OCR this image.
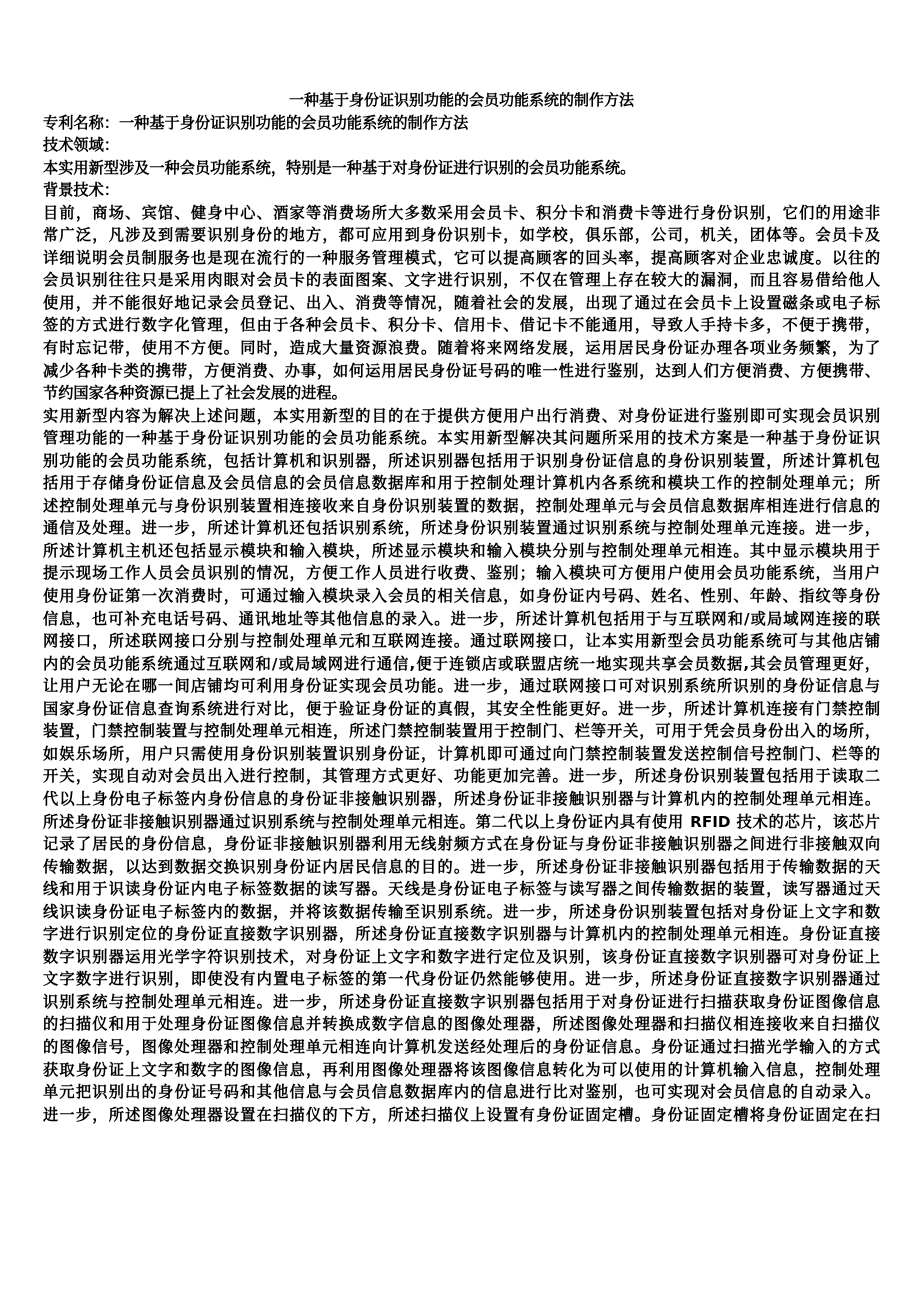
一种基于身份证识别功能的会员功能系统的制作方法
专利名称：一种基于身份证识别功能的会员功能系统的制作方法
技术领域：
本实用新型涉及一种会员功能系统，特别是一种基于对身份证进行识别的会员功能系统。
背景技术：
目前，商场、宾馆、健身中心、酒家等消费场所大多数采用会员卡、积分卡和消费卡等进行身份识别，它们的用途非
常广泛，凡涉及到需要识别身份的地方，都可应用到身份识别卡，如学校，俱乐部，公司，机关，团体等。会员卡及
详细说明会员制服务也是现在流行的一种服务管理模式，它可以提高顾客的回头率，提高顾客对企业忠诚度。以往的
会员识别往往只是采用肉眼对会员卡的表面图案、文字进行识别，不仅在管理上存在较大的漏洞，而且容易借给他人
使用，并不能很好地记录会员登记、出入、消费等情况，随着社会的发展，出现了通过在会员卡上设置磁条或电子标
签的方式进行数字化管理，但由于各种会员卡、积分卡、信用卡、借记卡不能通用，导致人手持卡多，不便于携带，
有时忘记带，使用不方便。同时，造成大量资源浪费。随着将来网络发展，运用居民身份证办理各项业务频繁，为了
减少各种卡类的携带，方便消费、办事，如何运用居民身份证号码的唯一性进行鉴别，达到人们方便消费、方便携带、
节约国家各种资源已提上了社会发展的进程。
实用新型内容为解决上述问题，本实用新型的目的在于提供方便用户出行消费、对身份证进行鉴别即可实现会员识别
管理功能的一种基于身份证识别功能的会员功能系统。本实用新型解决其问题所采用的技术方案是一种基于身份证识
别功能的会员功能系统，包括计算机和识别器，所述识别器包括用于识别身份证信息的身份识别装置，所述计算机包
括用于存储身份证信息及会员信息的会员信息数据库和用于控制处理计算机内各系统和模块工作的控制处理单元；所
述控制处理单元与身份识别装置相连接收来自身份识别装置的数据，控制处理单元与会员信息数据库相连进行信息的
通信及处理。进一步，所述计算机还包括识别系统，所述身份识别装置通过识别系统与控制处理单元连接。进一步，
所述计算机主机还包括显示模块和输入模块，所述显示模块和输入模块分别与控制处理单元相连。其中显示模块用于
提示现场工作人员会员识别的情况，方便工作人员进行收费、鉴别；输入模块可方便用户使用会员功能系统，当用户
使用身份证第一次消费时，可通过输入模块录入会员的相关信息，如身份证内号码、姓名、性别、年龄、指纹等身份
信息，也可补充电话号码、通讯地址等其他信息的录入。进一步，所述计算机包括用于与互联网和/或局域网连接的联
网接口，所述联网接口分别与控制处理单元和互联网连接。通过联网接口，让本实用新型会员功能系统可与其他店铺
内的会员功能系统通过互联网和/或局域网进行通信,便于连锁店或联盟店统一地实现共享会员数据,其会员管理更好，
让用户无论在哪一间店铺均可利用身份证实现会员功能。进一步，通过联网接口可对识别系统所识别的身份证信息与
国家身份证信息查询系统进行对比，便于验证身份证的真假，其安全性能更好。进一步，所述计算机连接有门禁控制
装置，门禁控制装置与控制处理单元相连，所述门禁控制装置用于控制门、栏等开关，可用于凭会员身份出入的场所，
如娱乐场所，用户只需使用身份识别装置识别身份证，计算机即可通过向门禁控制装置发送控制信号控制门、栏等的
开关，实现自动对会员出入进行控制，其管理方式更好、功能更加完善。进一步，所述身份识别装置包括用于读取二
代以上身份电子标签内身份信息的身份证非接触识别器，所述身份证非接触识别器与计算机内的控制处理单元相连。
所述身份证非接触识别器通过识别系统与控制处理单元相连。第二代以上身份证内具有使用 RFID 技术的芯片，该芯片
记录了居民的身份信息，身份证非接触识别器利用无线射频方式在身份证与身份证非接触识别器之间进行非接触双向
传输数据，以达到数据交换识别身份证内居民信息的目的。进一步，所述身份证非接触识别器包括用于传输数据的天
线和用于识读身份证内电子标签数据的读写器。天线是身份证电子标签与读写器之间传输数据的装置，读写器通过天
线识读身份证电子标签内的数据，并将该数据传输至识别系统。进一步，所述身份识别装置包括对身份证上文字和数
字进行识别定位的身份证直接数字识别器，所述身份证直接数字识别器与计算机内的控制处理单元相连。身份证直接
数字识别器运用光学字符识别技术，对身份证上文字和数字进行定位及识别，该身份证直接数字识别器可对身份证上
文字数字进行识别，即使没有内置电子标签的第一代身份证仍然能够使用。进一步，所述身份证直接数字识别器通过
识别系统与控制处理单元相连。进一步，所述身份证直接数字识别器包括用于对身份证进行扫描获取身份证图像信息
的扫描仪和用于处理身份证图像信息并转换成数字信息的图像处理器，所述图像处理器和扫描仪相连接收来自扫描仪
的图像信号，图像处理器和控制处理单元相连向计算机发送经处理后的身份证信息。身份证通过扫描光学输入的方式
获取身份证上文字和数字的图像信息，再利用图像处理器将该图像信息转化为可以使用的计算机输入信息，控制处理
单元把识别出的身份证号码和其他信息与会员信息数据库内的信息进行比对鉴别，也可实现对会员信息的自动录入。
进一步，所述图像处理器设置在扫描仪的下方，所述扫描仪上设置有身份证固定槽。身份证固定槽将身份证固定在扫
